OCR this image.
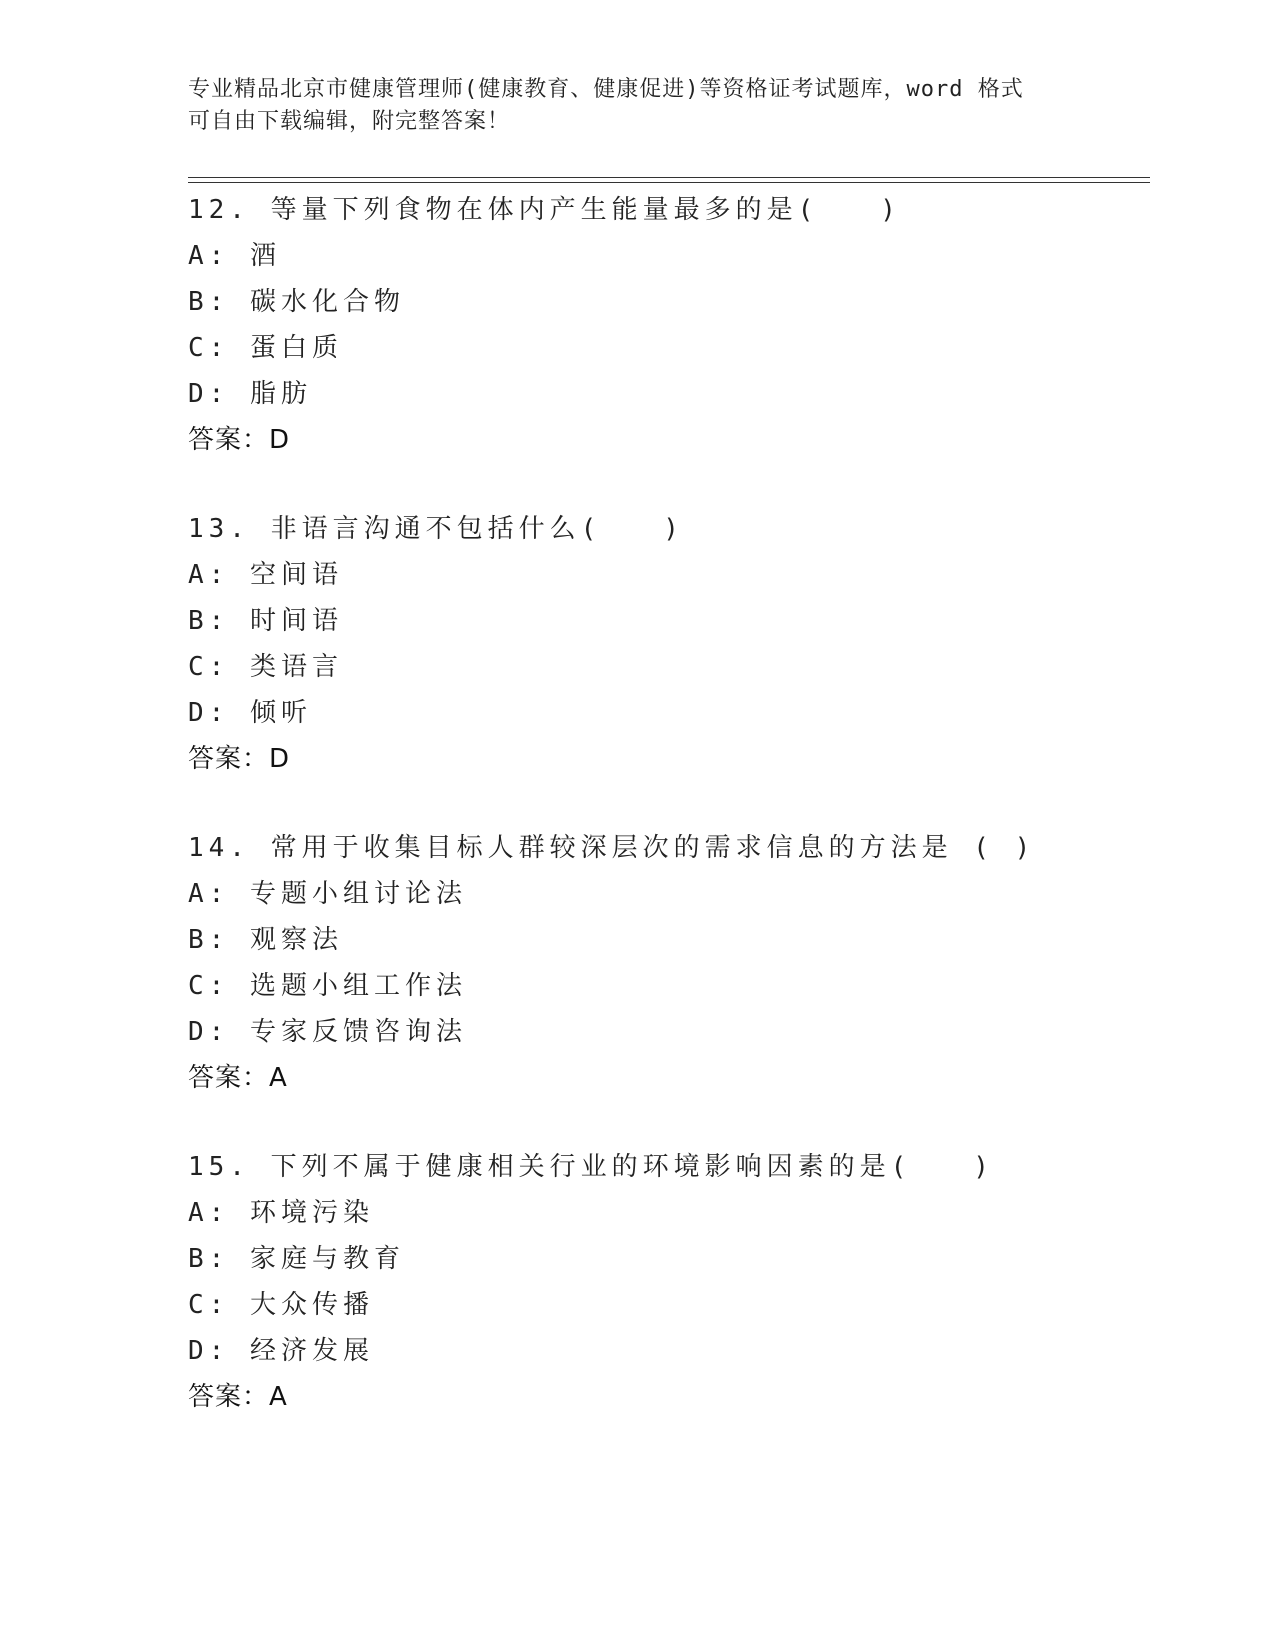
专业精品北京市健康管理师(健康教育、健康促进)等资格证考试题库，word 格式
可自由下载编辑，附完整答案！
12. 等量下列食物在体内产生能量最多的是(　　)
A: 酒
B: 碳水化合物
C: 蛋白质
D: 脂肪
答案：D
13. 非语言沟通不包括什么(　　)
A: 空间语
B: 时间语
C: 类语言
D: 倾听
答案：D
14. 常用于收集目标人群较深层次的需求信息的方法是 ( )
A: 专题小组讨论法
B: 观察法
C: 选题小组工作法
D: 专家反馈咨询法
答案：A
15. 下列不属于健康相关行业的环境影响因素的是(　　)
A: 环境污染
B: 家庭与教育
C: 大众传播
D: 经济发展
答案：A
